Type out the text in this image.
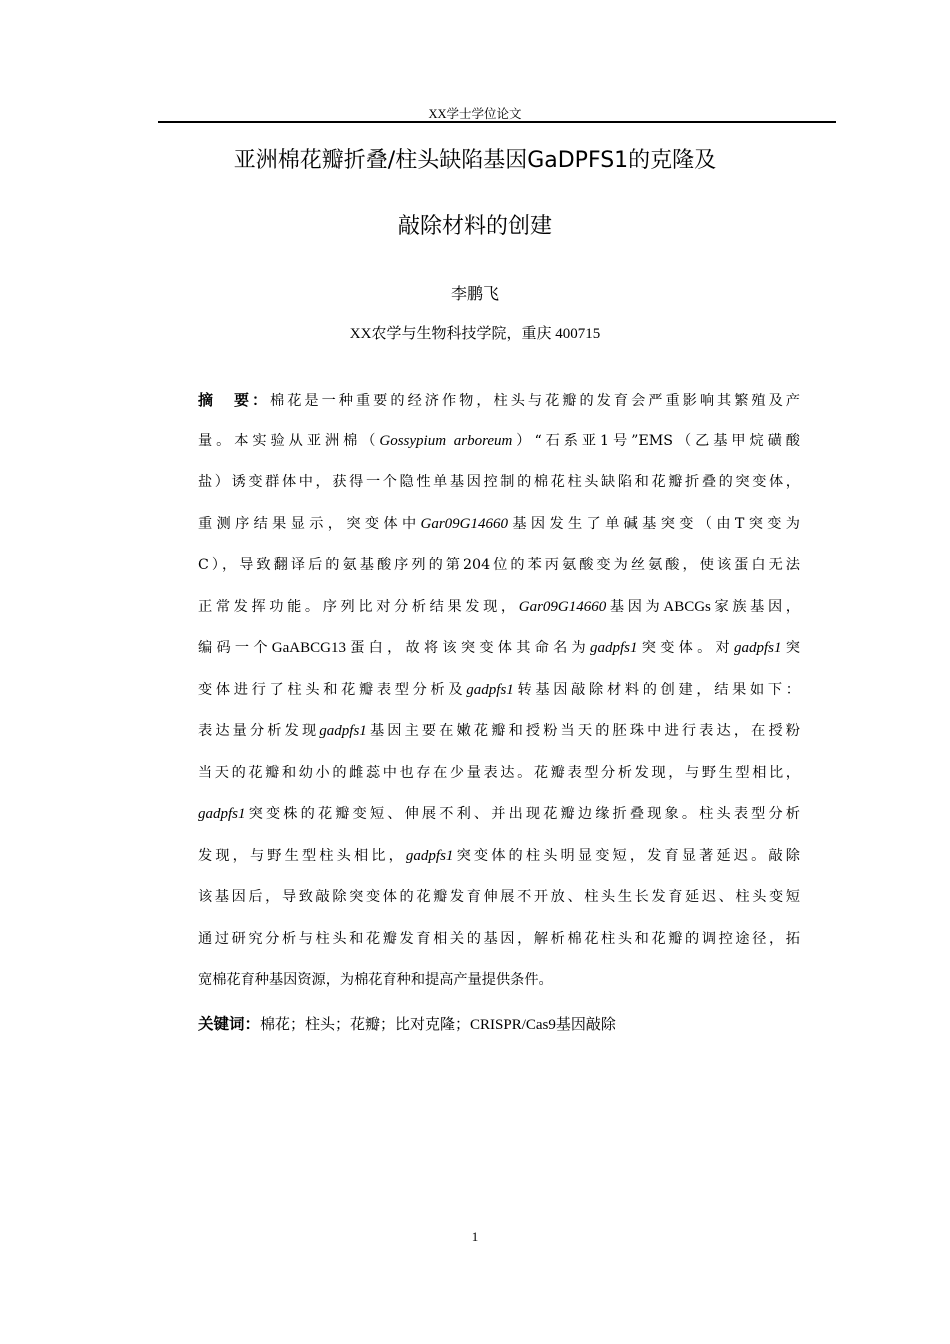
XX学士学位论文
亚洲棉花瓣折叠/柱头缺陷基因GaDPFS1的克隆及
敲除材料的创建
李鹏飞
XX农学与生物科技学院，重庆 400715
摘　要：棉花是一种重要的经济作物，柱头与花瓣的发育会严重影响其繁殖及产
量。本实验从亚洲棉（Gossypium arboreum）“石系亚1号”EMS（乙基甲烷磺酸
盐）诱变群体中，获得一个隐性单基因控制的棉花柱头缺陷和花瓣折叠的突变体，
重测序结果显示，突变体中Gar09G14660基因发生了单碱基突变（由T突变为
C），导致翻译后的氨基酸序列的第204位的苯丙氨酸变为丝氨酸，使该蛋白无法
正常发挥功能。序列比对分析结果发现，Gar09G14660基因为ABCGs家族基因，
编码一个GaABCG13蛋白，故将该突变体其命名为gadpfs1突变体。对gadpfs1突
变体进行了柱头和花瓣表型分析及gadpfs1转基因敲除材料的创建，结果如下：
表达量分析发现gadpfs1基因主要在嫩花瓣和授粉当天的胚珠中进行表达，在授粉
当天的花瓣和幼小的雌蕊中也存在少量表达。花瓣表型分析发现，与野生型相比，
gadpfs1突变株的花瓣变短、伸展不利、并出现花瓣边缘折叠现象。柱头表型分析
发现，与野生型柱头相比，gadpfs1突变体的柱头明显变短，发育显著延迟。敲除
该基因后，导致敲除突变体的花瓣发育伸展不开放、柱头生长发育延迟、柱头变短
通过研究分析与柱头和花瓣发育相关的基因，解析棉花柱头和花瓣的调控途径，拓
宽棉花育种基因资源，为棉花育种和提高产量提供条件。
关键词：棉花；柱头；花瓣；比对克隆；CRISPR/Cas9基因敲除
1
